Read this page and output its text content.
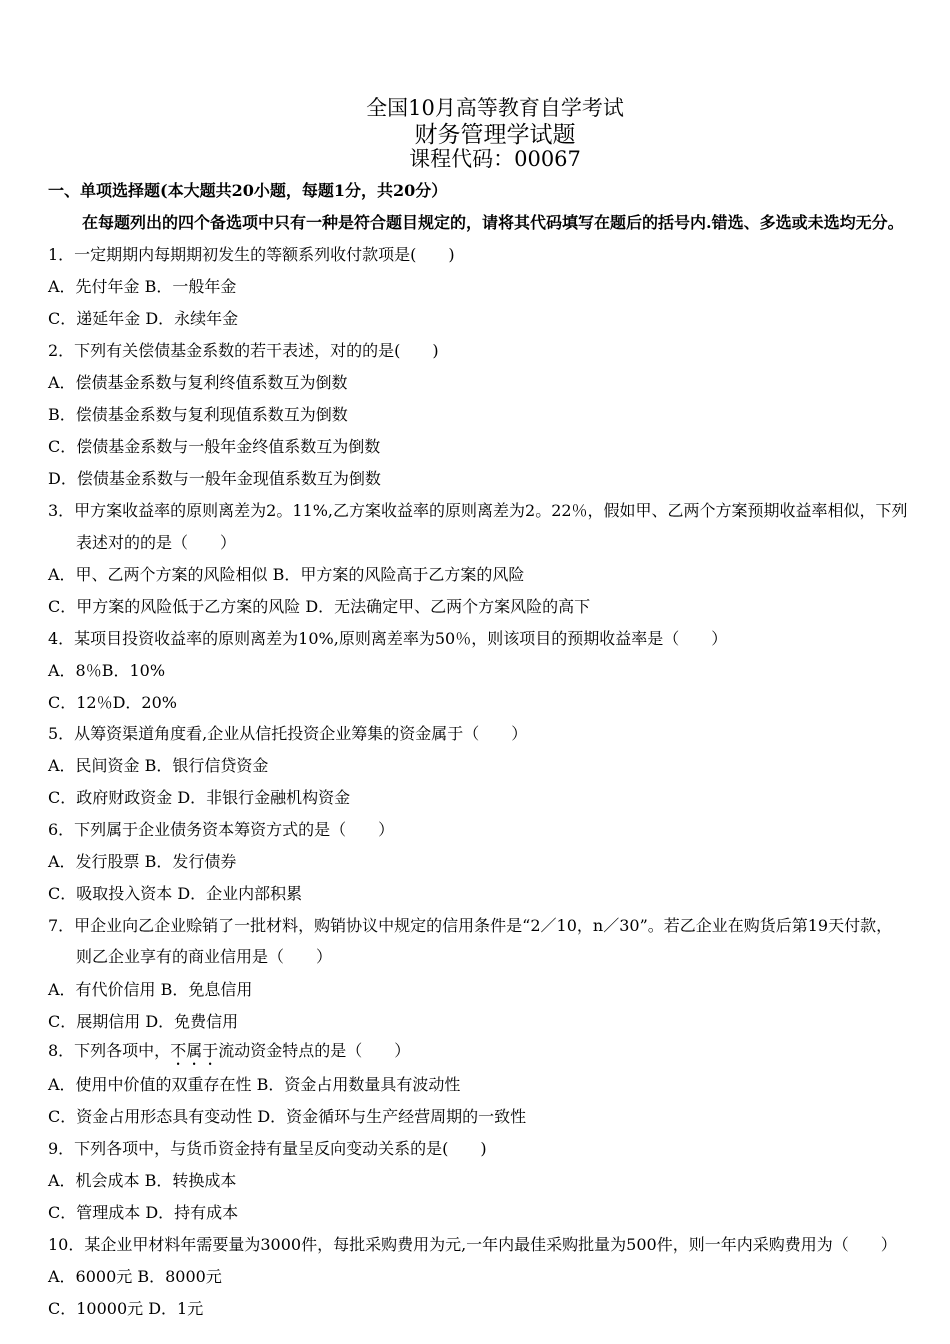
全国10月高等教育自学考试
财务管理学试题
课程代码：00067
一、单项选择题(本大题共20小题，每题1分，共20分）
在每题列出的四个备选项中只有一种是符合题目规定的，请将其代码填写在题后的括号内.错选、多选或未选均无分。
1．一定期期内每期期初发生的等额系列收付款项是(　　)
A．先付年金 B．一般年金
C．递延年金 D．永续年金
2．下列有关偿债基金系数的若干表述，对的的是(　　)
A．偿债基金系数与复利终值系数互为倒数
B．偿债基金系数与复利现值系数互为倒数
C．偿债基金系数与一般年金终值系数互为倒数
D．偿债基金系数与一般年金现值系数互为倒数
3．甲方案收益率的原则离差为2。11%,乙方案收益率的原则离差为2。22％，假如甲、乙两个方案预期收益率相似，下列
表述对的的是（　　）
A．甲、乙两个方案的风险相似 B．甲方案的风险高于乙方案的风险
C．甲方案的风险低于乙方案的风险 D．无法确定甲、乙两个方案风险的高下
4．某项目投资收益率的原则离差为10%,原则离差率为50％，则该项目的预期收益率是（　　）
A．8％B．10%
C．12％D．20%
5．从筹资渠道角度看,企业从信托投资企业筹集的资金属于（　　）
A．民间资金 B．银行信贷资金
C．政府财政资金 D．非银行金融机构资金
6．下列属于企业债务资本筹资方式的是（　　）
A．发行股票 B．发行债券
C．吸取投入资本 D．企业内部积累
7．甲企业向乙企业赊销了一批材料，购销协议中规定的信用条件是“2／10，n／30”。若乙企业在购货后第19天付款，
则乙企业享有的商业信用是（　　）
A．有代价信用 B．免息信用
C．展期信用 D．免费信用
8．下列各项中，不属于流动资金特点的是（　　）
A．使用中价值的双重存在性 B．资金占用数量具有波动性
C．资金占用形态具有变动性 D．资金循环与生产经营周期的一致性
9．下列各项中，与货币资金持有量呈反向变动关系的是(　　)
A．机会成本 B．转换成本
C．管理成本 D．持有成本
10．某企业甲材料年需要量为3000件，每批采购费用为元,一年内最佳采购批量为500件，则一年内采购费用为（　　）
A．6000元 B．8000元
C．10000元 D．1元
